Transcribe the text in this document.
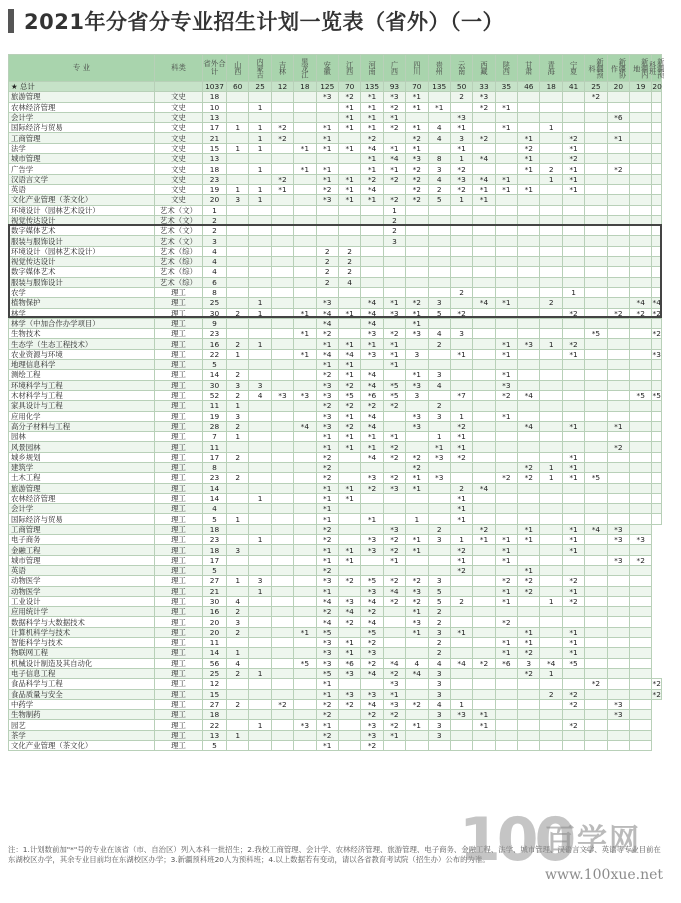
2021年分省分专业招生计划一览表（省外）（一）
专 业	科类	省外合计	山西	内蒙古	吉林	黑龙江	安徽	江西	河南	广西	四川	贵州	云南	西藏	陕西	甘肃	青海	宁夏	新疆预科	新疆协作	新疆内地	新疆预科班
★ 总计		1037	60	25	12	18	125	70	135	93	70	135	50	33	35	46	18	41	25	20	19	20
旅游管理	文史	18					*3	*2	*1	*3	*1		2	*3					*2			
农林经济管理	文史	10		1				*1	*1	*2	*1	*1		*2	*1							
会计学	文史	13						*1	*1	*1			*3							*6		
国际经济与贸易	文史	17	1	1	*2		*1	*1	*1	*2	*1	4	*1		*1		1					
工商管理	文史	21		1	*2		*1		*2		*2	4	3	*2		*1		*2		*1		
法学	文史	15	1	1		*1	*1	*1	*4	*1	*1		*1			*2		*1				
城市管理	文史	13							*1	*4	*3	8	1	*4		*1		*2				
广告学	文史	18		1		*1	*1		*1	*1	*2	3	*2			*1	2	*1		*2		
汉语言文学	文史	23			*2		*1	*1	*2	*2	*2	4	*3	*4	*1		1	*1				
英语	文史	19	1	1	*1		*2	*1	*4		*2	2	*2	*1	*1	*1		*1				
文化产业管理（茶文化）	文史	20	3	1			*3	*1	*1	*2	*2	5	1	*1								
环境设计（园林艺术设计）	艺术（文）	1								1												
视觉传达设计	艺术（文）	2								2												
数字媒体艺术	艺术（文）	2								2												
服装与服饰设计	艺术（文）	3								3												
环境设计（园林艺术设计）	艺术（综）	4					2	2														
视觉传达设计	艺术（综）	4					2	2														
数字媒体艺术	艺术（综）	4					2	2														
服装与服饰设计	艺术（综）	6					2	4														
农学	理工	8											2					1				
植物保护	理工	25		1			*3		*4	*1	*2	3		*4	*1		2				*4	*4
林学	理工	30	2	1		*1	*4	*1	*4	*3	*1	5	*2					*2		*2	*2	*2
林学（中加合作办学项目）	理工	9					*4		*4		*1											
生物技术	理工	23				*1	*2		*3	*2	*3	4	3						*5			*2
生态学（生态工程技术）	理工	16	2	1			*1	*1	*1	*1		2			*1	*3	1	*2				
农业资源与环境	理工	22	1			*1	*4	*4	*3	*1	3		*1		*1			*1				*3
地理信息科学	理工	5					*1	*1		*1												
测绘工程	理工	14	2				*2	*1	*4		*1	3			*1							
环境科学与工程	理工	30	3	3			*3	*2	*4	*5	*3	4			*3							
木材科学与工程	理工	52	2	4	*3	*3	*3	*5	*6	*5	3		*7		*2	*4					*5	*5
家具设计与工程	理工	11	1				*2	*2	*2	*2		2										
应用化学	理工	19	3				*3	*1	*4		*3	3	1		*1							
高分子材料与工程	理工	28	2			*4	*3	*2	*4		*3		*2			*4		*1		*1		
园林	理工	7	1				*1	*1	*1	*1		1	*1									
风景园林	理工	11					*1	*1	*1	*2		*1	*1							*2		
城乡规划	理工	17	2				*2		*4	*2	*2	*3	*2					*1				
建筑学	理工	8					*2				*2					*2	1	*1				
土木工程	理工	23	2				*2		*3	*2	*1	*3			*2	*2	1	*1	*5			
旅游管理	理工	14					*1	*1	*2	*3	*1		2	*4								
农林经济管理	理工	14		1			*1	*1					*1									
会计学	理工	4					*1						*1									
国际经济与贸易	理工	5	1				*1		*1		1		*1									
工商管理	理工	18					*2			*3		2		*2		*1		*1	*4	*3		
电子商务	理工	23		1			*2		*3	*2	*1	3	1	*1	*1	*1		*1		*3	*3	
金融工程	理工	18	3				*1	*1	*3	*2	*1		*2		*1			*1				
城市管理	理工	17					*1	*1		*1			*1		*1					*3	*2	
英语	理工	5					*2						*2			*1						
动物医学	理工	27	1	3			*3	*2	*5	*2	*2	3			*2	*2		*2				
动物医学	理工	21		1			*1		*3	*4	*3	5			*1	*2		*1				
工业设计	理工	30	4				*4	*3	*4	*2	*2	5	2		*1		1	*2				
应用统计学	理工	16	2				*2	*4	*2		*1	2										
数据科学与大数据技术	理工	20	3				*4	*2	*4		*3	2			*2							
计算机科学与技术	理工	20	2			*1	*5		*5		*1	3	*1			*1		*1				
智能科学与技术	理工	11					*3	*1	*2			2			*1	*1		*1				
物联网工程	理工	14	1				*3	*1	*3			2			*1	*2		*1				
机械设计制造及其自动化	理工	56	4			*5	*3	*6	*2	*4	4	4	*4	*2	*6	3	*4	*5				
电子信息工程	理工	25	2	1			*5	*3	*4	*2	*4	3				*2	1					
食品科学与工程	理工	12					*1			*3		3							*2			*2
食品质量与安全	理工	15					*1	*3	*3	*1		3					2	*2				*2
中药学	理工	27	2		*2		*2	*2	*4	*3	*2	4	1					*2		*3		
生物制药	理工	18					*2		*2	*2		3	*3	*1						*3		
园艺	理工	22		1		*3	*1		*3	*2	*1	3		*1				*2				
茶学	理工	13	1				*2		*3	*1		3										
文化产业管理（茶文化）	理工	5					*1		*2													
注：1.计划数前加"*"号的专业在该省（市、自治区）列入本科一批招生；2.我校工商管理、会计学、农林经济管理、旅游管理、电子商务、金融工程、法学、城市管理、汉语言文学、英语等专业目前在东湖校区办学，其余专业目前均在东湖校区办学；3.新疆预科班20人为预科班；4.以上数据若有变动，请以各省教育考试院（招生办）公布的为准。
100
百学网
www.100xue.net
